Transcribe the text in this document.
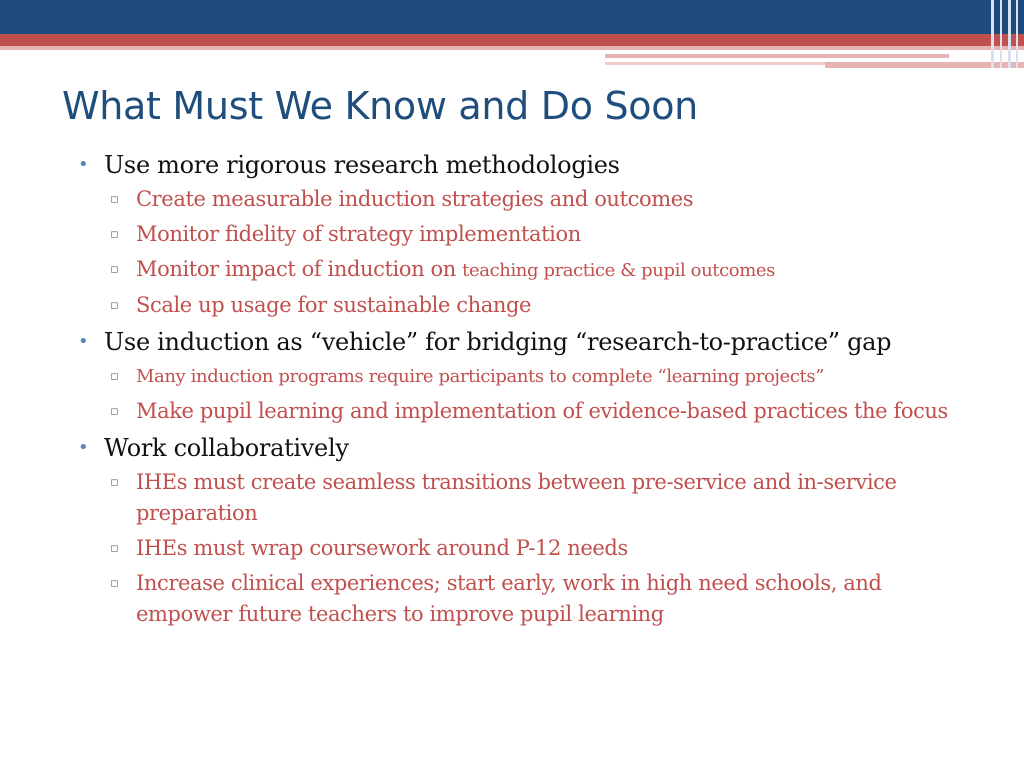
What Must We Know and Do Soon
• Use more rigorous research methodologies
▫ Create measurable induction strategies and outcomes
▫ Monitor fidelity of strategy implementation
▫ Monitor impact of induction on teaching practice & pupil outcomes
▫ Scale up usage for sustainable change
• Use induction as “vehicle” for bridging “research-to-practice” gap
▫ Many induction programs require participants to complete “learning projects”
▫ Make pupil learning and implementation of evidence-based practices the focus
• Work collaboratively
▫ IHEs must create seamless transitions between pre-service and in-service preparation
▫ IHEs must wrap coursework around P-12 needs
▫ Increase clinical experiences; start early, work in high need schools, and empower future teachers to improve pupil learning
